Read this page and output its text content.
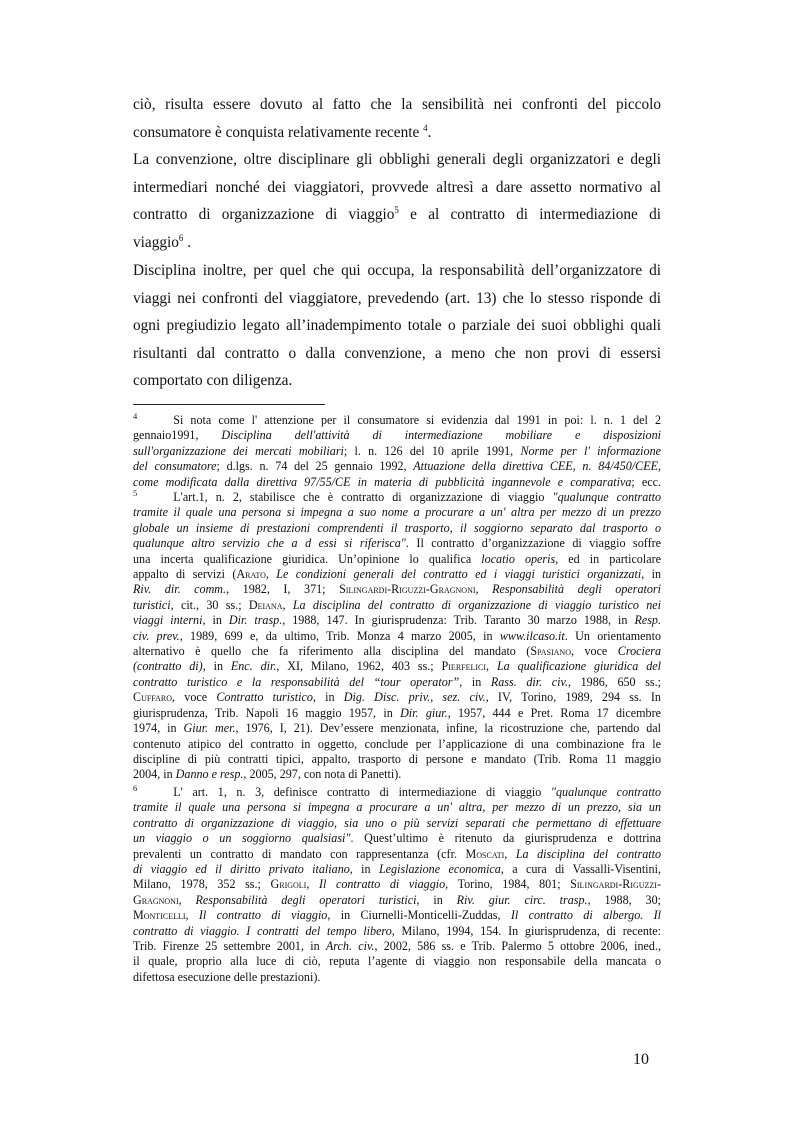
ciò, risulta essere dovuto al fatto che la sensibilità nei confronti del piccolo
consumatore è conquista relativamente recente $^4$.
La convenzione, oltre disciplinare gli obblighi generali degli organizzatori e degli
intermediari nonché dei viaggiatori, provvede altresì a dare assetto normativo al
contratto di organizzazione di viaggio$^5$ e al contratto di intermediazione di
viaggio$^6$ .
Disciplina inoltre, per quel che qui occupa, la responsabilità dell’organizzatore di
viaggi nei confronti del viaggiatore, prevedendo (art. 13) che lo stesso risponde di
ogni pregiudizio legato all’inadempimento totale o parziale dei suoi obblighi quali
risultanti dal contratto o dalla convenzione, a meno che non provi di essersi
comportato con diligenza.
$^4$	Si nota come l' attenzione per il consumatore si evidenzia dal 1991 in poi: l. n. 1 del 2
gennaio1991, Disciplina dell'attività di intermediazione mobiliare e disposizioni
sull'organizzazione dei mercati mobiliari; l. n. 126 del 10 aprile 1991, Norme per l' informazione
del consumatore; d.lgs. n. 74 del 25 gennaio 1992, Attuazione della direttiva CEE, n. 84/450/CEE,
come modificata dalla direttiva 97/55/CE in materia di pubblicità ingannevole e comparativa; ecc.
$^5$	L'art.1, n. 2, stabilisce che è contratto di organizzazione di viaggio "qualunque contratto
tramite il quale una persona si impegna a suo nome a procurare a un' altra per mezzo di un prezzo
globale un insieme di prestazioni comprendenti il trasporto, il soggiorno separato dal trasporto o
qualunque altro servizio che a d essi si riferisca". Il contratto d’organizzazione di viaggio soffre
una incerta qualificazione giuridica. Un’opinione lo qualifica locatio operis, ed in particolare
appalto di servizi (Arato, Le condizioni generali del contratto ed i viaggi turistici organizzati, in
Riv. dir. comm., 1982, I, 371; Silingardi-Riguzzi-Gragnoni, Responsabilità degli operatori
turistici, cit., 30 ss.; Deiana, La disciplina del contratto di organizzazione di viaggio turistico nei
viaggi interni, in Dir. trasp., 1988, 147. In giurisprudenza: Trib. Taranto 30 marzo 1988, in Resp.
civ. prev., 1989, 699 e, da ultimo, Trib. Monza 4 marzo 2005, in www.ilcaso.it. Un orientamento
alternativo è quello che fa riferimento alla disciplina del mandato (Spasiano, voce Crociera
(contratto di), in Enc. dir., XI, Milano, 1962, 403 ss.; Pierfelici, La qualificazione giuridica del
contratto turistico e la responsabilità del “tour operator”, in Rass. dir. civ., 1986, 650 ss.;
Cuffaro, voce Contratto turistico, in Dig. Disc. priv., sez. civ., IV, Torino, 1989, 294 ss. In
giurisprudenza, Trib. Napoli 16 maggio 1957, in Dir. giur., 1957, 444 e Pret. Roma 17 dicembre
1974, in Giur. mer., 1976, I, 21). Dev’essere menzionata, infine, la ricostruzione che, partendo dal
contenuto atipico del contratto in oggetto, conclude per l’applicazione di una combinazione fra le
discipline di più contratti tipici, appalto, trasporto di persone e mandato (Trib. Roma 11 maggio
2004, in Danno e resp., 2005, 297, con nota di Panetti).
$^6$	L' art. 1, n. 3, definisce contratto di intermediazione di viaggio "qualunque contratto
tramite il quale una persona si impegna a procurare a un' altra, per mezzo di un prezzo, sia un
contratto di organizzazione di viaggio, sia uno o più servizi separati che permettano di effettuare
un viaggio o un soggiorno qualsiasi". Quest’ultimo è ritenuto da giurisprudenza e dottrina
prevalenti un contratto di mandato con rappresentanza (cfr. Moscati, La disciplina del contratto
di viaggio ed il diritto privato italiano, in Legislazione economica, a cura di Vassalli-Visentini,
Milano, 1978, 352 ss.; Grigoli, Il contratto di viaggio, Torino, 1984, 801; Silingardi-Riguzzi-
Gragnoni, Responsabilità degli operatori turistici, in Riv. giur. circ. trasp., 1988, 30;
Monticelli, Il contratto di viaggio, in Ciurnelli-Monticelli-Zuddas, Il contratto di albergo. Il
contratto di viaggio. I contratti del tempo libero, Milano, 1994, 154. In giurisprudenza, di recente:
Trib. Firenze 25 settembre 2001, in Arch. civ., 2002, 586 ss. e Trib. Palermo 5 ottobre 2006, ined.,
il quale, proprio alla luce di ciò, reputa l’agente di viaggio non responsabile della mancata o
difettosa esecuzione delle prestazioni).
10
